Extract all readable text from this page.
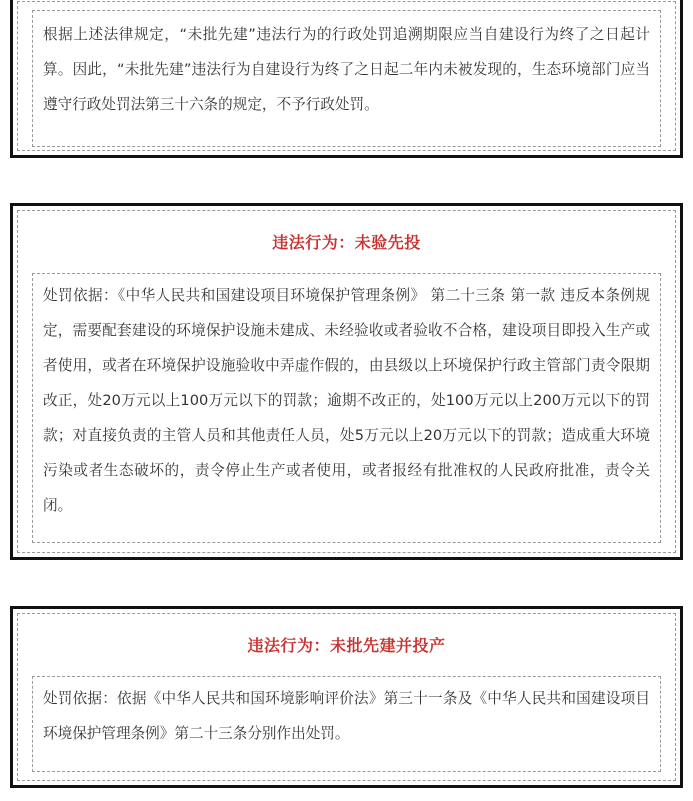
根据上述法律规定，“未批先建”违法行为的行政处罚追溯期限应当自建设行为终了之日起计算。因此，“未批先建”违法行为自建设行为终了之日起二年内未被发现的，生态环境部门应当遵守行政处罚法第三十六条的规定，不予行政处罚。

违法行为：未验先投

处罚依据：《中华人民共和国建设项目环境保护管理条例》 第二十三条 第一款 违反本条例规定，需要配套建设的环境保护设施未建成、未经验收或者验收不合格，建设项目即投入生产或者使用，或者在环境保护设施验收中弄虚作假的，由县级以上环境保护行政主管部门责令限期改正，处20万元以上100万元以下的罚款；逾期不改正的，处100万元以上200万元以下的罚款；对直接负责的主管人员和其他责任人员，处5万元以上20万元以下的罚款；造成重大环境污染或者生态破坏的，责令停止生产或者使用，或者报经有批准权的人民政府批准，责令关闭。

违法行为：未批先建并投产

处罚依据：依据《中华人民共和国环境影响评价法》第三十一条及《中华人民共和国建设项目环境保护管理条例》第二十三条分别作出处罚。
